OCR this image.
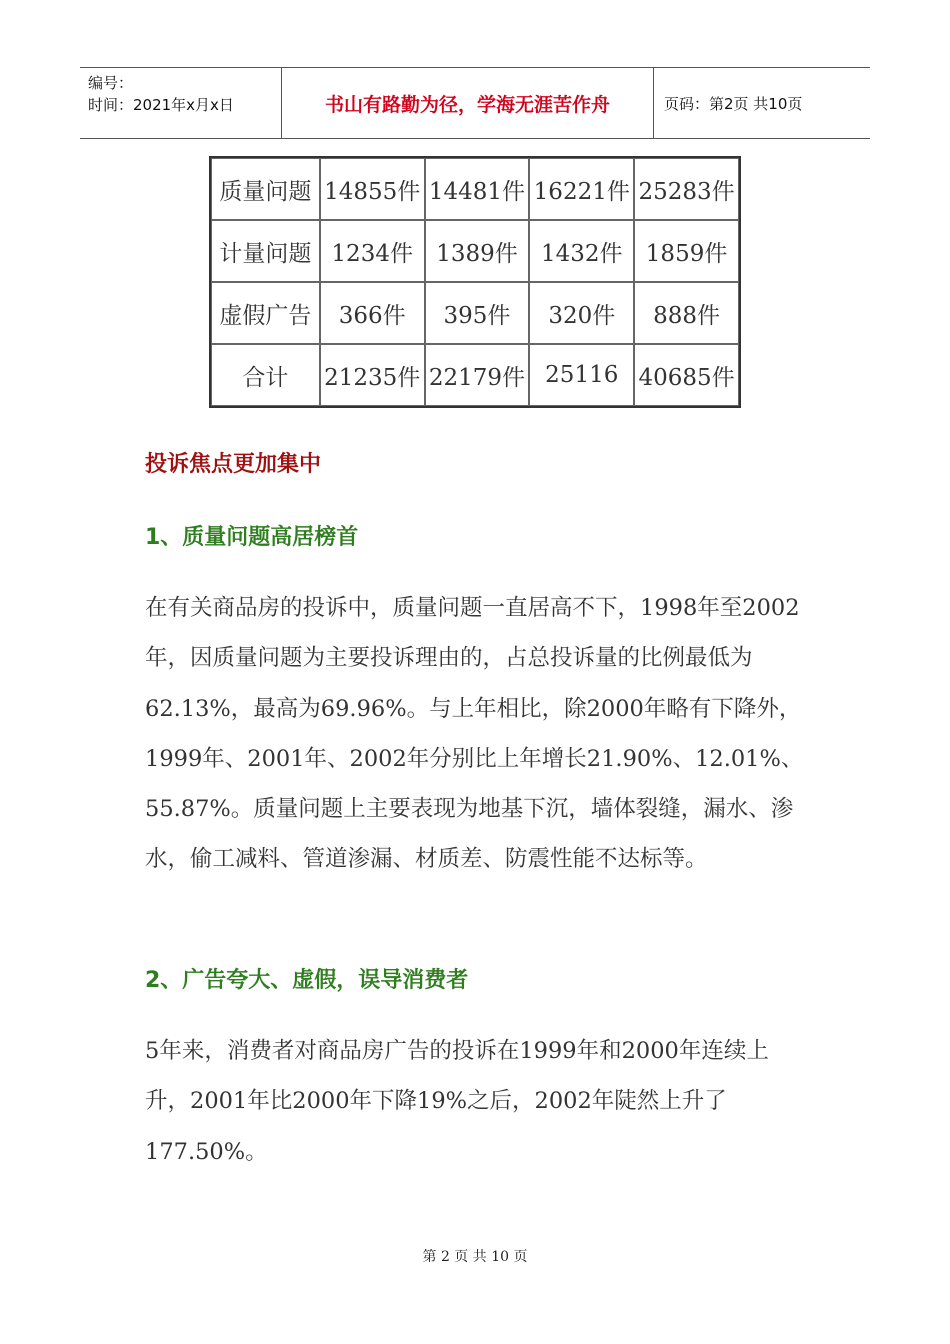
编号：
时间：2021年x月x日	书山有路勤为径，学海无涯苦作舟	页码：第2页 共10页
质量问题	14855件	14481件	16221件	25283件
计量问题	1234件	1389件	1432件	1859件
虚假广告	366件	395件	320件	888件
合计	21235件	22179件	25116	40685件
投诉焦点更加集中
1、质量问题高居榜首
在有关商品房的投诉中，质量问题一直居高不下，1998年至2002年，因质量问题为主要投诉理由的，占总投诉量的比例最低为62.13%，最高为69.96%。与上年相比，除2000年略有下降外，1999年、2001年、2002年分别比上年增长21.90%、12.01%、55.87%。质量问题上主要表现为地基下沉，墙体裂缝，漏水、渗水，偷工减料、管道渗漏、材质差、防震性能不达标等。
2、广告夸大、虚假，误导消费者
5年来，消费者对商品房广告的投诉在1999年和2000年连续上升，2001年比2000年下降19%之后，2002年陡然上升了177.50%。
第 2 页 共 10 页
